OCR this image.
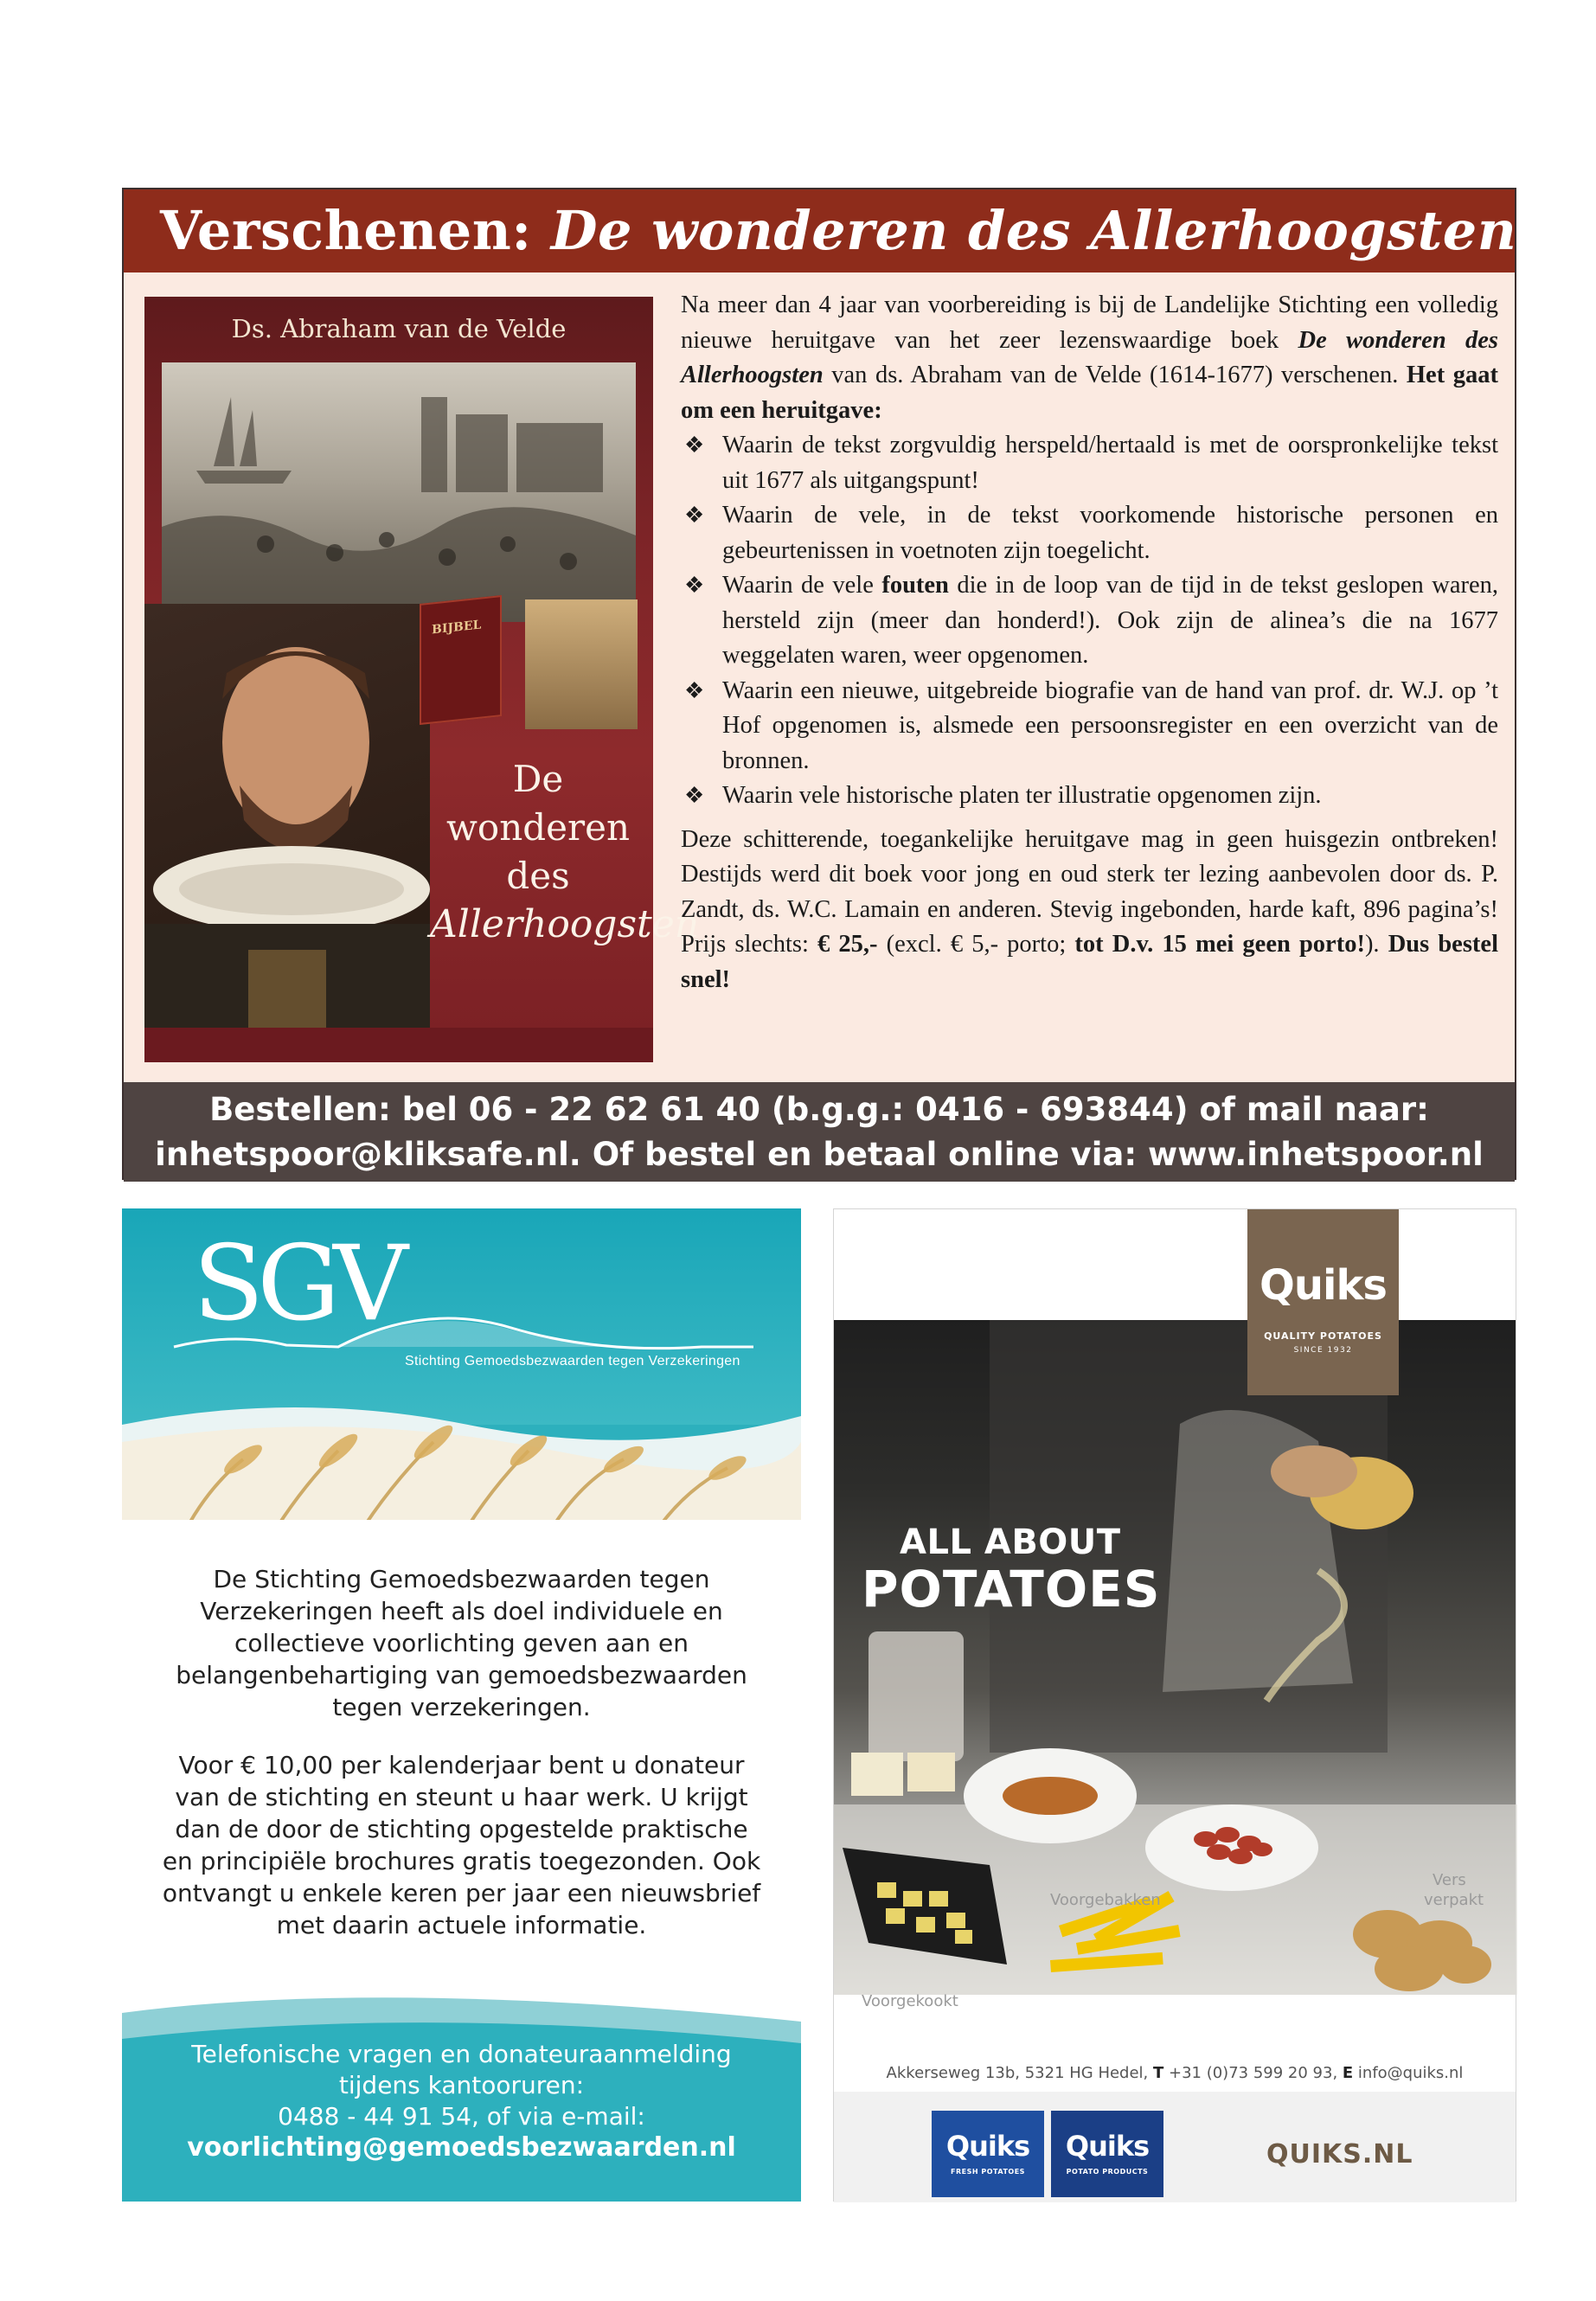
Verschenen: De wonderen des Allerhoogsten
Ds. Abraham van de Velde
BIJBEL
De
wonderen
des
Allerhoogsten

Na meer dan 4 jaar van voorbereiding is bij de Landelijke Stichting een volledig nieuwe heruitgave van het zeer lezenswaardige boek De wonderen des Allerhoogsten van ds. Abraham van de Velde (1614-1677) verschenen. Het gaat om een heruitgave:

❖ Waarin de tekst zorgvuldig herspeld/hertaald is met de oorspronkelijke tekst uit 1677 als uitgangspunt!

❖ Waarin de vele, in de tekst voorkomende historische personen en gebeurtenissen in voetnoten zijn toegelicht.

❖ Waarin de vele fouten die in de loop van de tijd in de tekst geslopen waren, hersteld zijn (meer dan honderd!). Ook zijn de alinea’s die na 1677 weggelaten waren, weer opgenomen.

❖ Waarin een nieuwe, uitgebreide biografie van de hand van prof. dr. W.J. op ’t Hof opgenomen is, alsmede een persoonsregister en een overzicht van de bronnen.

❖ Waarin vele historische platen ter illustratie opgenomen zijn.

Deze schitterende, toegankelijke heruitgave mag in geen huisgezin ontbreken! Destijds werd dit boek voor jong en oud sterk ter lezing aanbevolen door ds. P. Zandt, ds. W.C. Lamain en anderen. Stevig ingebonden, harde kaft, 896 pagina’s! Prijs slechts: € 25,- (excl. € 5,- porto; tot D.v. 15 mei geen porto!). Dus bestel snel!

Bestellen: bel 06 - 22 62 61 40 (b.g.g.: 0416 - 693844) of mail naar:
inhetspoor@kliksafe.nl. Of bestel en betaal online via: www.inhetspoor.nl
SGV
Stichting Gemoedsbezwaarden tegen Verzekeringen

De Stichting Gemoedsbezwaarden tegen Verzekeringen heeft als doel individuele en collectieve voorlichting geven aan en belangenbehartiging van gemoedsbezwaarden tegen verzekeringen.

Voor € 10,00 per kalenderjaar bent u donateur van de stichting en steunt u haar werk. U krijgt dan de door de stichting opgestelde praktische en principiële brochures gratis toegezonden. Ook ontvangt u enkele keren per jaar een nieuwsbrief met daarin actuele informatie.

Telefonische vragen en donateuraanmelding
tijdens kantooruren:
0488 - 44 91 54, of via e-mail:
voorlichting@gemoedsbezwaarden.nl
Quiks
QUALITY POTATOES
SINCE 1932
ALL ABOUT
POTATOES
Voorgebakken
Vers
verpakt
Voorgekookt
Akkerseweg 13b, 5321 HG Hedel, T +31 (0)73 599 20 93, E info@quiks.nl
Quiks
FRESH POTATOES
Quiks
POTATO PRODUCTS
QUIKS.NL
